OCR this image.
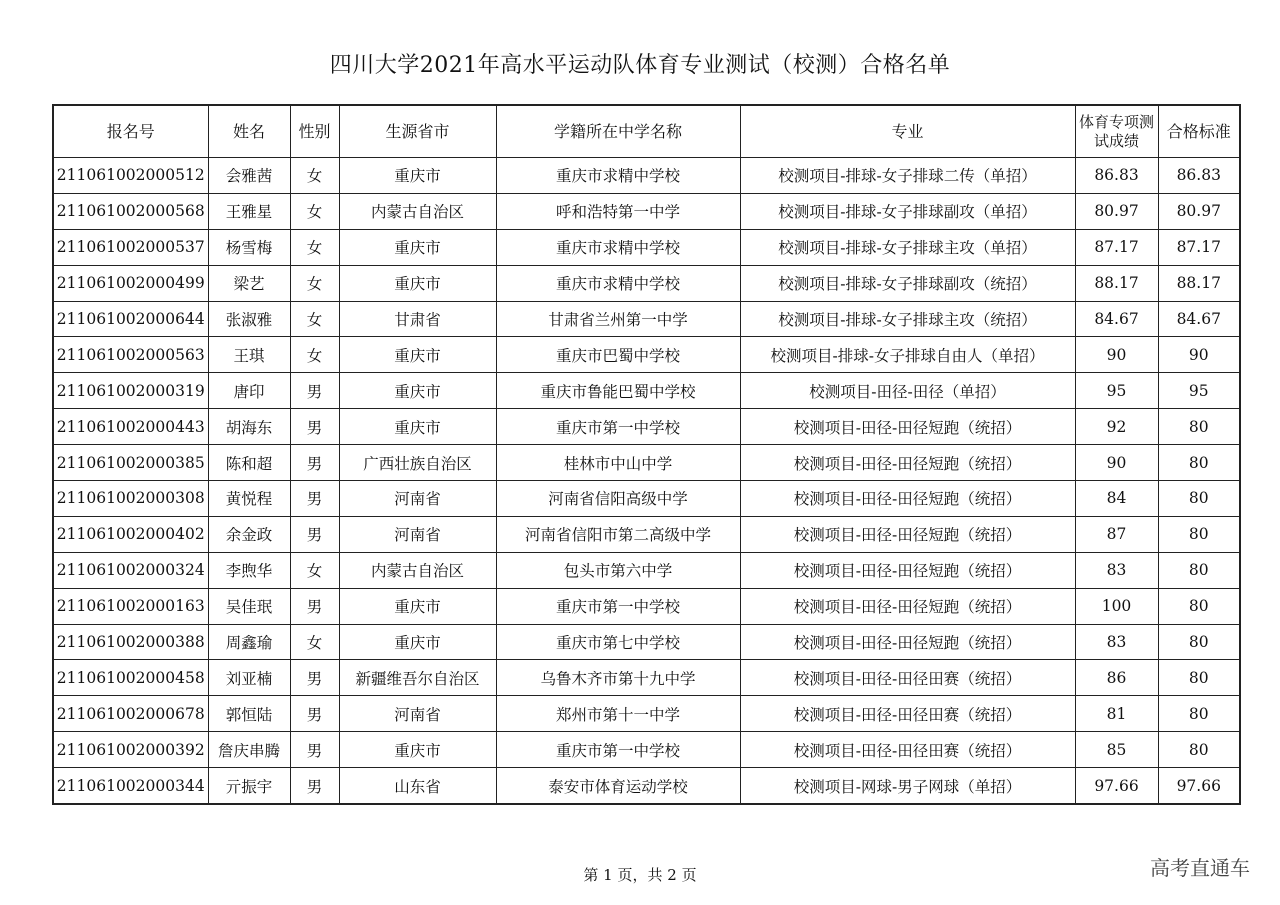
四川大学2021年高水平运动队体育专业测试（校测）合格名单
报名号	姓名	性别	生源省市	学籍所在中学名称	专业	体育专项测试成绩	合格标准
211061002000512	会雅茜	女	重庆市	重庆市求精中学校	校测项目-排球-女子排球二传（单招）	86.83	86.83
211061002000568	王雅星	女	内蒙古自治区	呼和浩特第一中学	校测项目-排球-女子排球副攻（单招）	80.97	80.97
211061002000537	杨雪梅	女	重庆市	重庆市求精中学校	校测项目-排球-女子排球主攻（单招）	87.17	87.17
211061002000499	梁艺	女	重庆市	重庆市求精中学校	校测项目-排球-女子排球副攻（统招）	88.17	88.17
211061002000644	张淑雅	女	甘肃省	甘肃省兰州第一中学	校测项目-排球-女子排球主攻（统招）	84.67	84.67
211061002000563	王琪	女	重庆市	重庆市巴蜀中学校	校测项目-排球-女子排球自由人（单招）	90	90
211061002000319	唐印	男	重庆市	重庆市鲁能巴蜀中学校	校测项目-田径-田径（单招）	95	95
211061002000443	胡海东	男	重庆市	重庆市第一中学校	校测项目-田径-田径短跑（统招）	92	80
211061002000385	陈和超	男	广西壮族自治区	桂林市中山中学	校测项目-田径-田径短跑（统招）	90	80
211061002000308	黄悦程	男	河南省	河南省信阳高级中学	校测项目-田径-田径短跑（统招）	84	80
211061002000402	余金政	男	河南省	河南省信阳市第二高级中学	校测项目-田径-田径短跑（统招）	87	80
211061002000324	李煦华	女	内蒙古自治区	包头市第六中学	校测项目-田径-田径短跑（统招）	83	80
211061002000163	吴佳珉	男	重庆市	重庆市第一中学校	校测项目-田径-田径短跑（统招）	100	80
211061002000388	周鑫瑜	女	重庆市	重庆市第七中学校	校测项目-田径-田径短跑（统招）	83	80
211061002000458	刘亚楠	男	新疆维吾尔自治区	乌鲁木齐市第十九中学	校测项目-田径-田径田赛（统招）	86	80
211061002000678	郭恒陆	男	河南省	郑州市第十一中学	校测项目-田径-田径田赛（统招）	81	80
211061002000392	詹庆串腾	男	重庆市	重庆市第一中学校	校测项目-田径-田径田赛（统招）	85	80
211061002000344	亓振宇	男	山东省	泰安市体育运动学校	校测项目-网球-男子网球（单招）	97.66	97.66
第 1 页，共 2 页	高考直通车
